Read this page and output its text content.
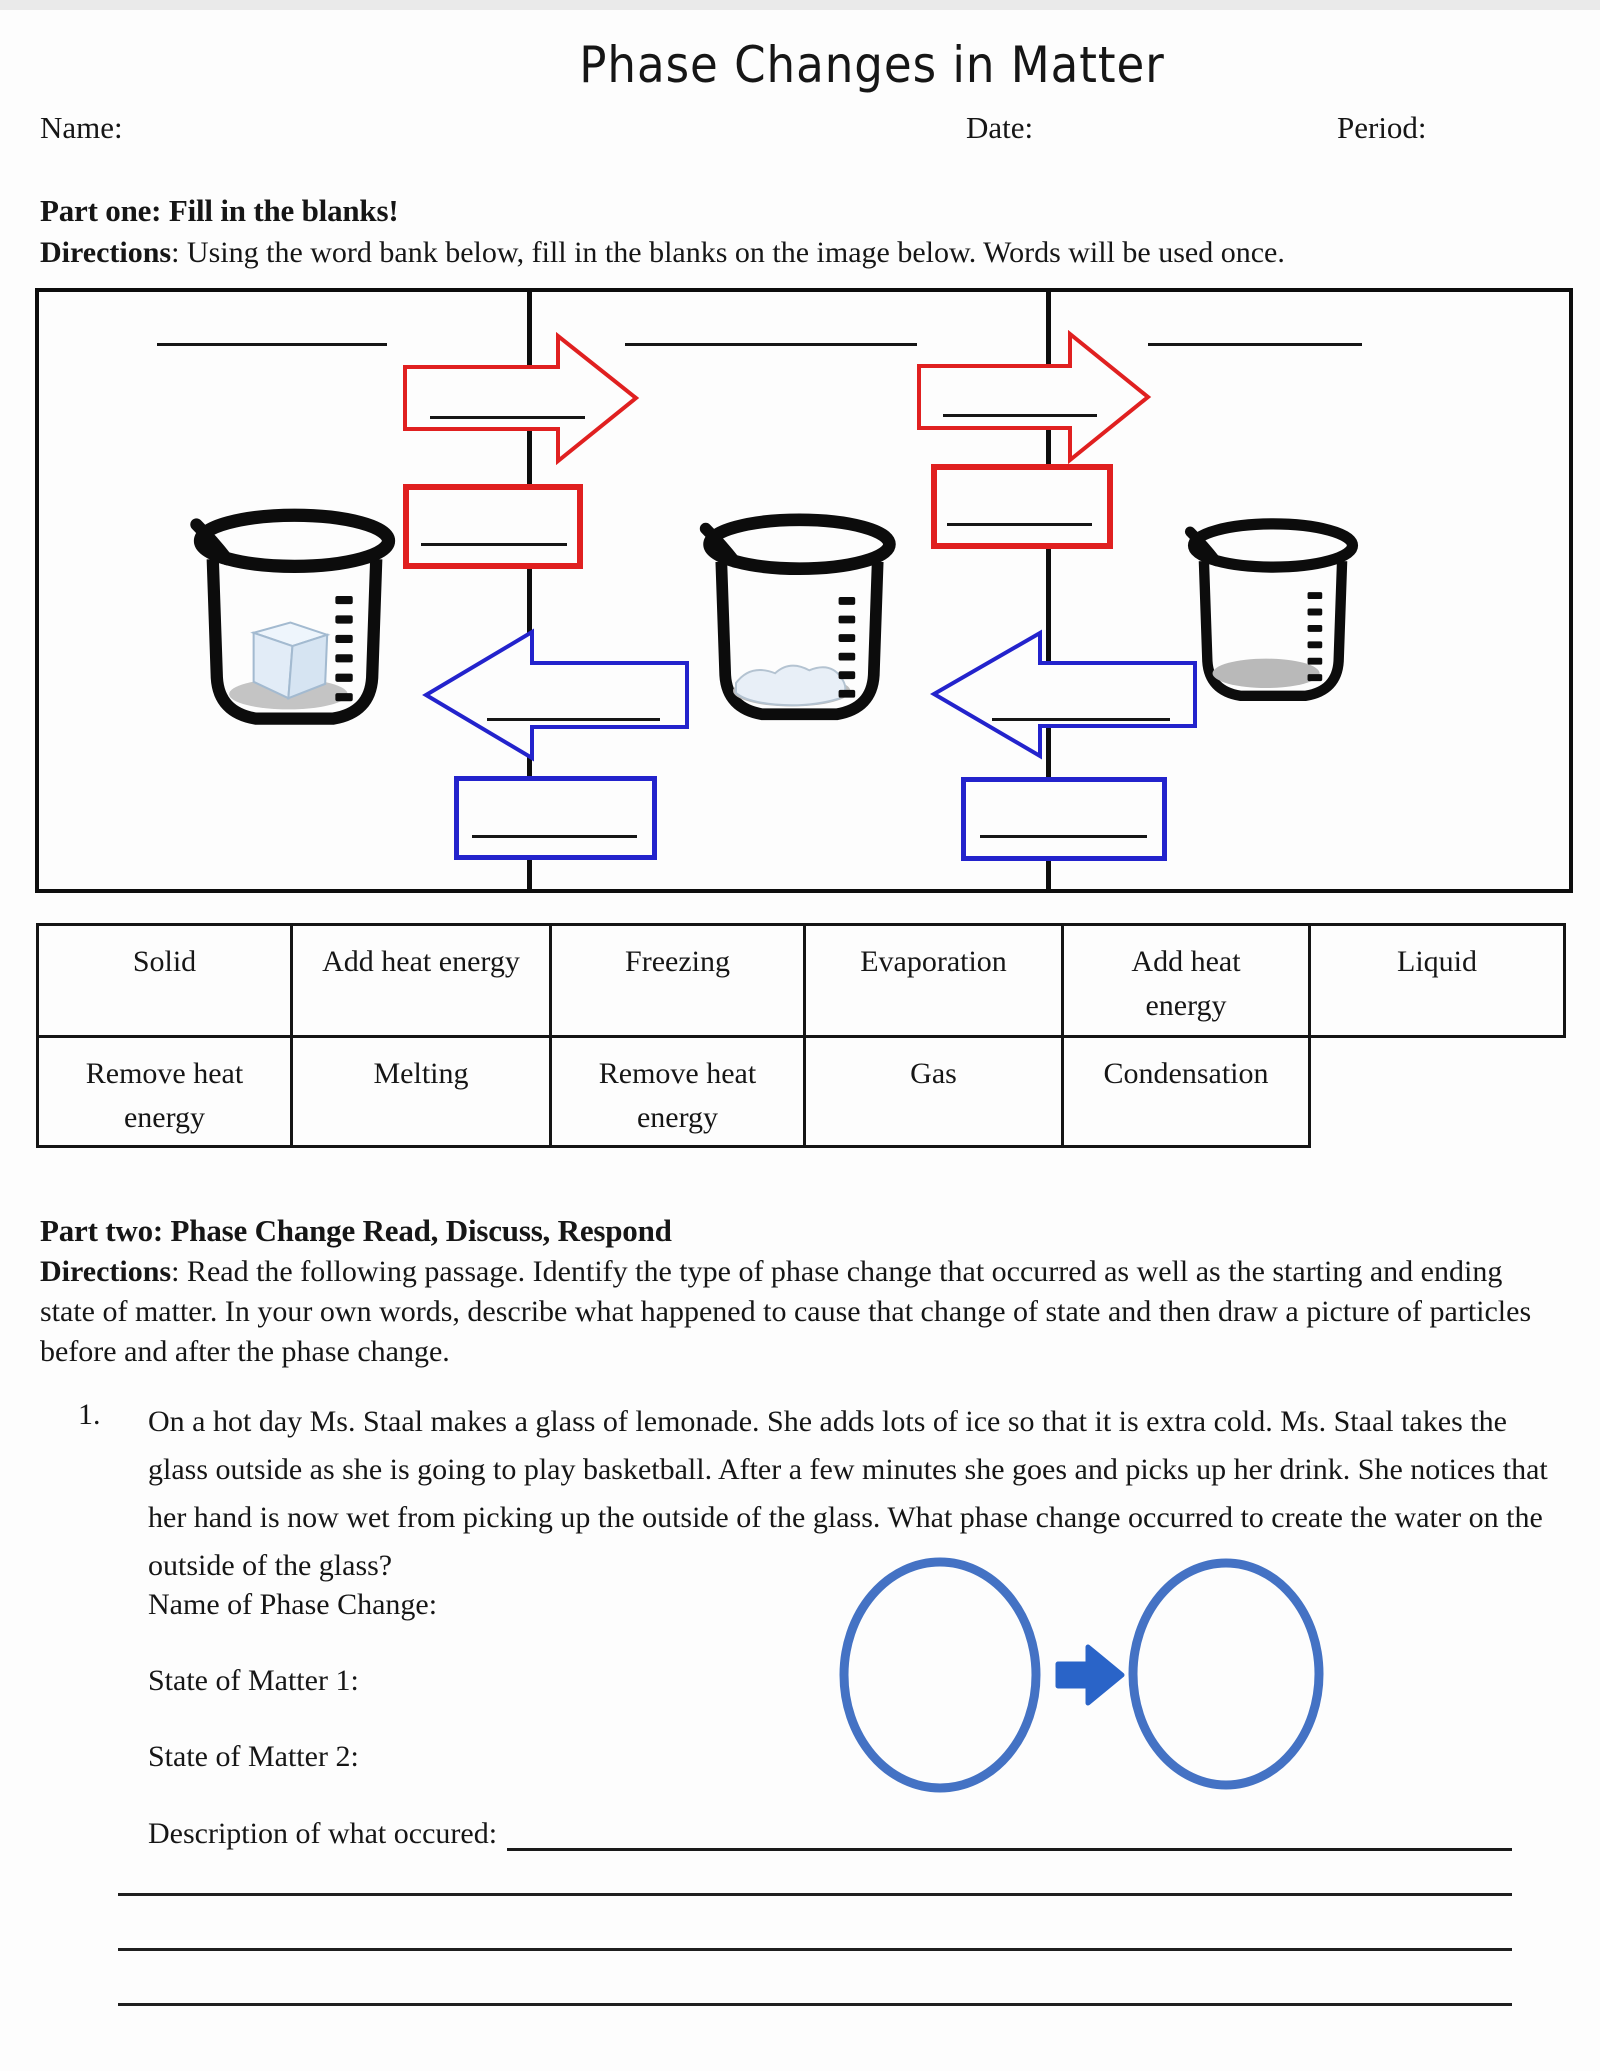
Phase Changes in Matter
Name:	Date:	Period:
Part one: Fill in the blanks!
Directions: Using the word bank below, fill in the blanks on the image below. Words will be used once.
Solid	Add heat energy	Freezing	Evaporation	Add heat energy	Liquid
Remove heat energy	Melting	Remove heat energy	Gas	Condensation	
Part two: Phase Change Read, Discuss, Respond
Directions: Read the following passage. Identify the type of phase change that occurred as well as the starting and ending state of matter. In your own words, describe what happened to cause that change of state and then draw a picture of particles before and after the phase change.
1. On a hot day Ms. Staal makes a glass of lemonade. She adds lots of ice so that it is extra cold. Ms. Staal takes the glass outside as she is going to play basketball. After a few minutes she goes and picks up her drink. She notices that her hand is now wet from picking up the outside of the glass. What phase change occurred to create the water on the outside of the glass?
Name of Phase Change:
State of Matter 1:
State of Matter 2:
Description of what occured:
